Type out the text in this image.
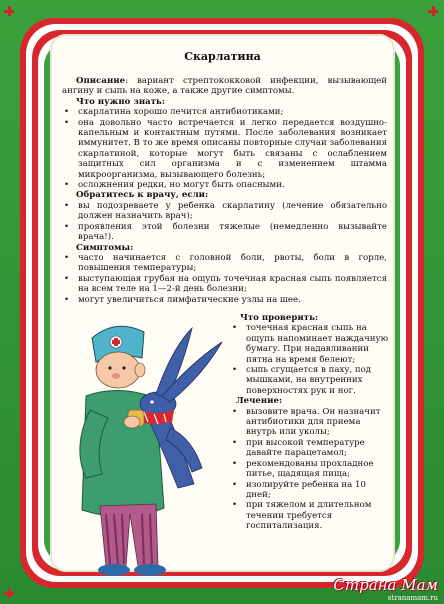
Скарлатина

Описание: вариант стрептококковой инфекции, вызывающей ангину и сыпь на коже, а также другие симптомы.

Что нужно знать:
• скарлатина хорошо лечится антибиотиками;
• она довольно часто встречается и легко передается воздушно-капельным и контактным путями. После заболевания возникает иммунитет. В то же время описаны повторные случаи заболевания скарлатиной, которые могут быть связаны с ослаблением защитных сил организма и с изменением штамма микроорганизма, вызывающего болезнь;
• осложнения редки, но могут быть опасными.
Обратитесь к врачу, если:
• вы подозреваете у ребенка скарлатину (лечение обязательно должен назначить врач);
• проявления этой болезни тяжелые (немедленно вызывайте врача!).
Симптомы:
• часто начинается с головной боли, рвоты, боли в горле, повышения температуры;
• выступающая грубая на ощупь точечная красная сыпь появляется на всем теле на 1—2-й день болезни;
• могут увеличиться лимфатические узлы на шее.
Что проверить:
• точечная красная сыпь на ощупь напоминает наждачную бумагу. При надавливании пятна на время белеют;
• сыпь сгущается в паху, под мышками, на внутренних поверхностях рук и ног.
Лечение:
• вызовите врача. Он назначит антибиотики для приема внутрь или уколы;
• при высокой температуре давайте парацетамол;
• рекомендованы прохладное питье, щадящая пища;
• изолируйте ребенка на 10 дней;
• при тяжелом и длительном течении требуется госпитализация.
Страна Мам
stranamam.ru
